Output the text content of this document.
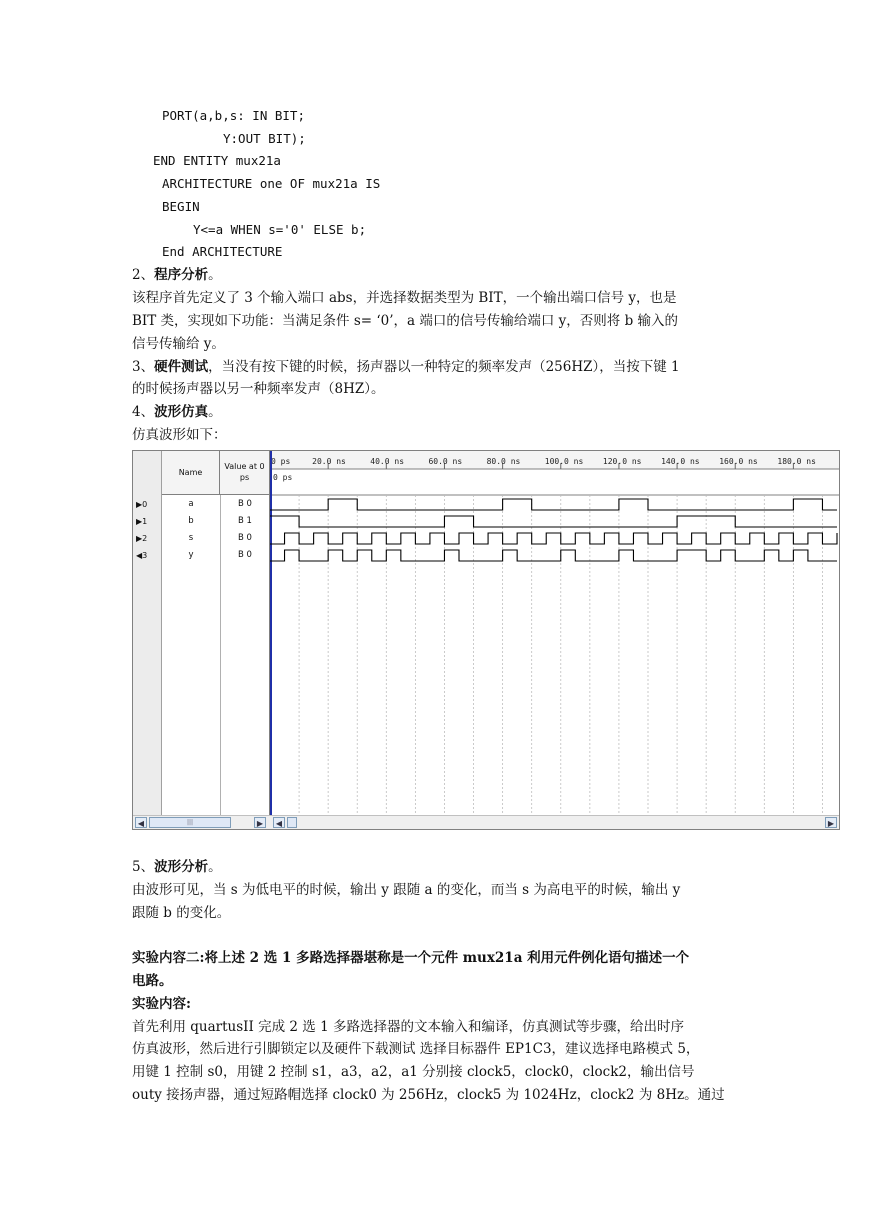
PORT(a,b,s: IN BIT;
Y:OUT BIT);
END ENTITY mux21a
ARCHITECTURE one OF mux21a IS
BEGIN
Y<=a WHEN s='0' ELSE b;
End ARCHITECTURE
2、程序分析。
该程序首先定义了 3 个输入端口 abs，并选择数据类型为 BIT，一个输出端口信号 y，也是
BIT 类，实现如下功能：当满足条件 s= ‘0’，a 端口的信号传输给端口 y，否则将 b 输入的
信号传输给 y。
3、硬件测试，当没有按下键的时候，扬声器以一种特定的频率发声（256HZ），当按下键 1
的时候扬声器以另一种频率发声（8HZ）。
4、波形仿真。
仿真波形如下：
Name
Value at 0 ps
▶0	a	B 0
▶1	b	B 1
▶2	s	B 0
◀3	y	B 0
0 ps	20.0 ns	40.0 ns	60.0 ns	80.0 ns	100.0 ns 120.0 ns 140.0 ns 160.0 ns 180.0 ns
0 ps
◀	|||	▶	◀	▶
5、波形分析。
由波形可见，当 s 为低电平的时候，输出 y 跟随 a 的变化，而当 s 为高电平的时候，输出 y
跟随 b 的变化。
实验内容二:将上述 2 选 1 多路选择器堪称是一个元件 mux21a 利用元件例化语句描述一个
电路。
实验内容:
首先利用 quartusII 完成 2 选 1 多路选择器的文本输入和编译，仿真测试等步骤，给出时序
仿真波形，然后进行引脚锁定以及硬件下载测试 选择目标器件 EP1C3，建议选择电路模式 5，
用键 1 控制 s0，用键 2 控制 s1，a3，a2，a1 分别接 clock5，clock0，clock2，输出信号
outy 接扬声器，通过短路帽选择 clock0 为 256Hz，clock5 为 1024Hz，clock2 为 8Hz。通过
